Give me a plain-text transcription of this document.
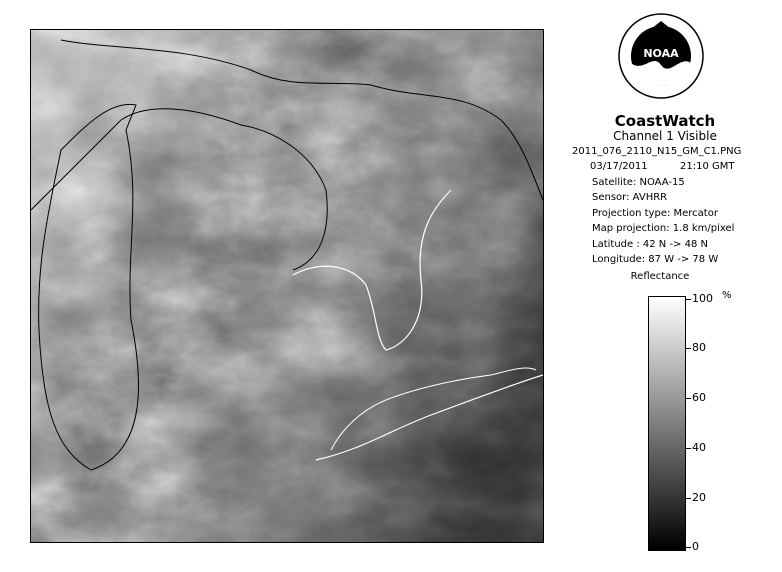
NOAA
CoastWatch
Channel 1 Visible
2011_076_2110_N15_GM_C1.PNG
03/17/2011	21:10 GMT
Satellite: NOAA-15
Sensor: AVHRR
Projection type: Mercator
Map projection: 1.8 km/pixel
Latitude : 42 N -> 48 N
Longitude: 87 W -> 78 W
Reflectance
%
100
80
60
40
20
0
